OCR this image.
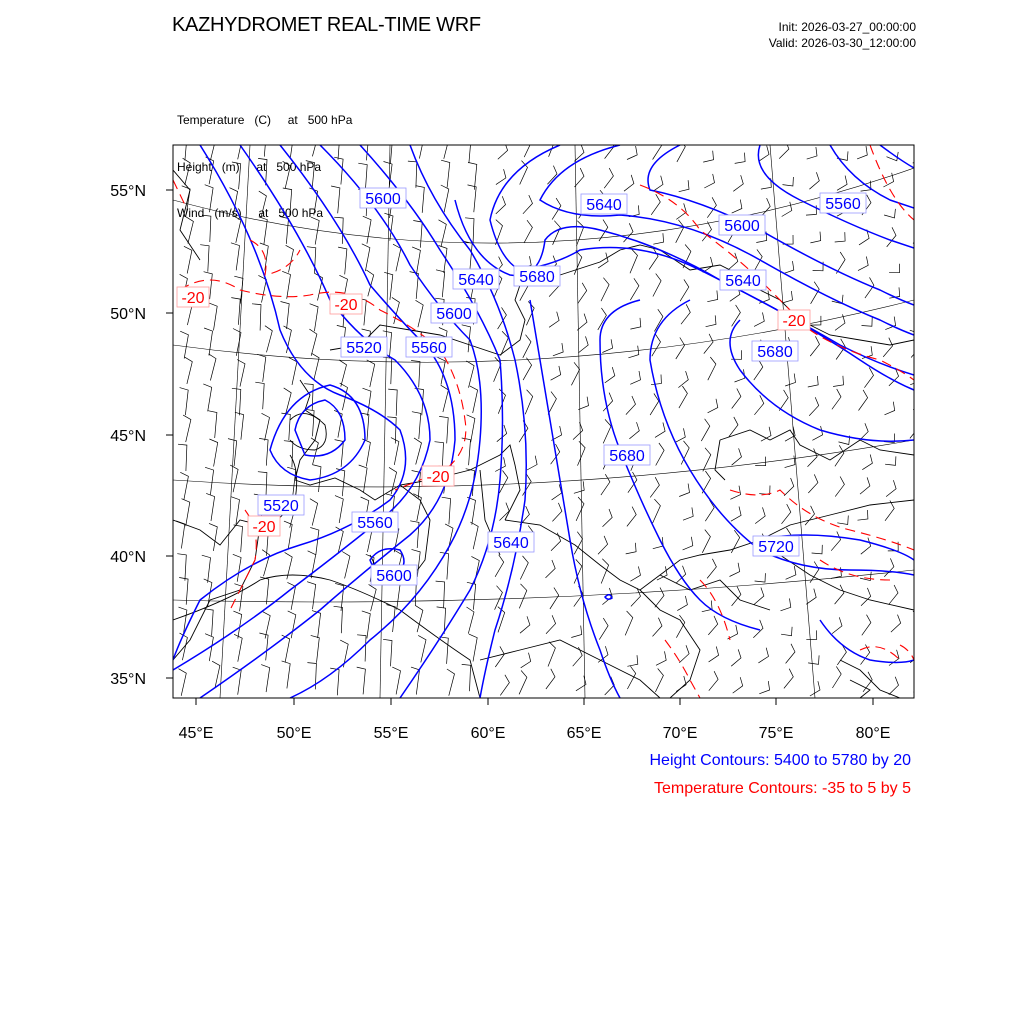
KAZHYDROMET REAL-TIME WRF	Init: 2026-03-27_00:00:00
Valid: 2026-03-30_12:00:00

Temperature   (C)     at   500 hPa

Height   (m)     at   500 hPa

Wind   (m/s)     at   500 hPa

55°N
50°N
45°N
40°N
35°N
45°E	50°E	55°E	60°E	65°E	70°E	75°E	80°E
5600	5640	5560
5600
5640 5680	5640
5600
5520 5560	5680
5680
5520
5560
5640
5600
5720
-20	-20
-20
-20
-20
Height Contours: 5400 to 5780 by 20
Temperature Contours: -35 to 5 by 5
